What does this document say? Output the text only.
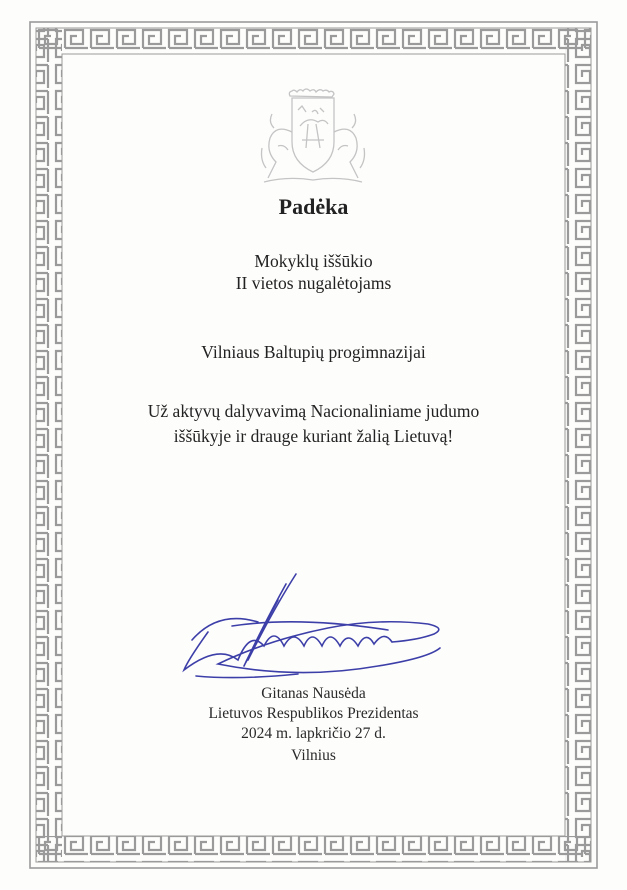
Padėka
Mokyklų iššūkio
II vietos nugalėtojams
Vilniaus Baltupių progimnazijai
Už aktyvų dalyvavimą Nacionaliniame judumo
iššūkyje ir drauge kuriant žalią Lietuvą!
Gitanas Nausėda
Lietuvos Respublikos Prezidentas
2024 m. lapkričio 27 d.
Vilnius
